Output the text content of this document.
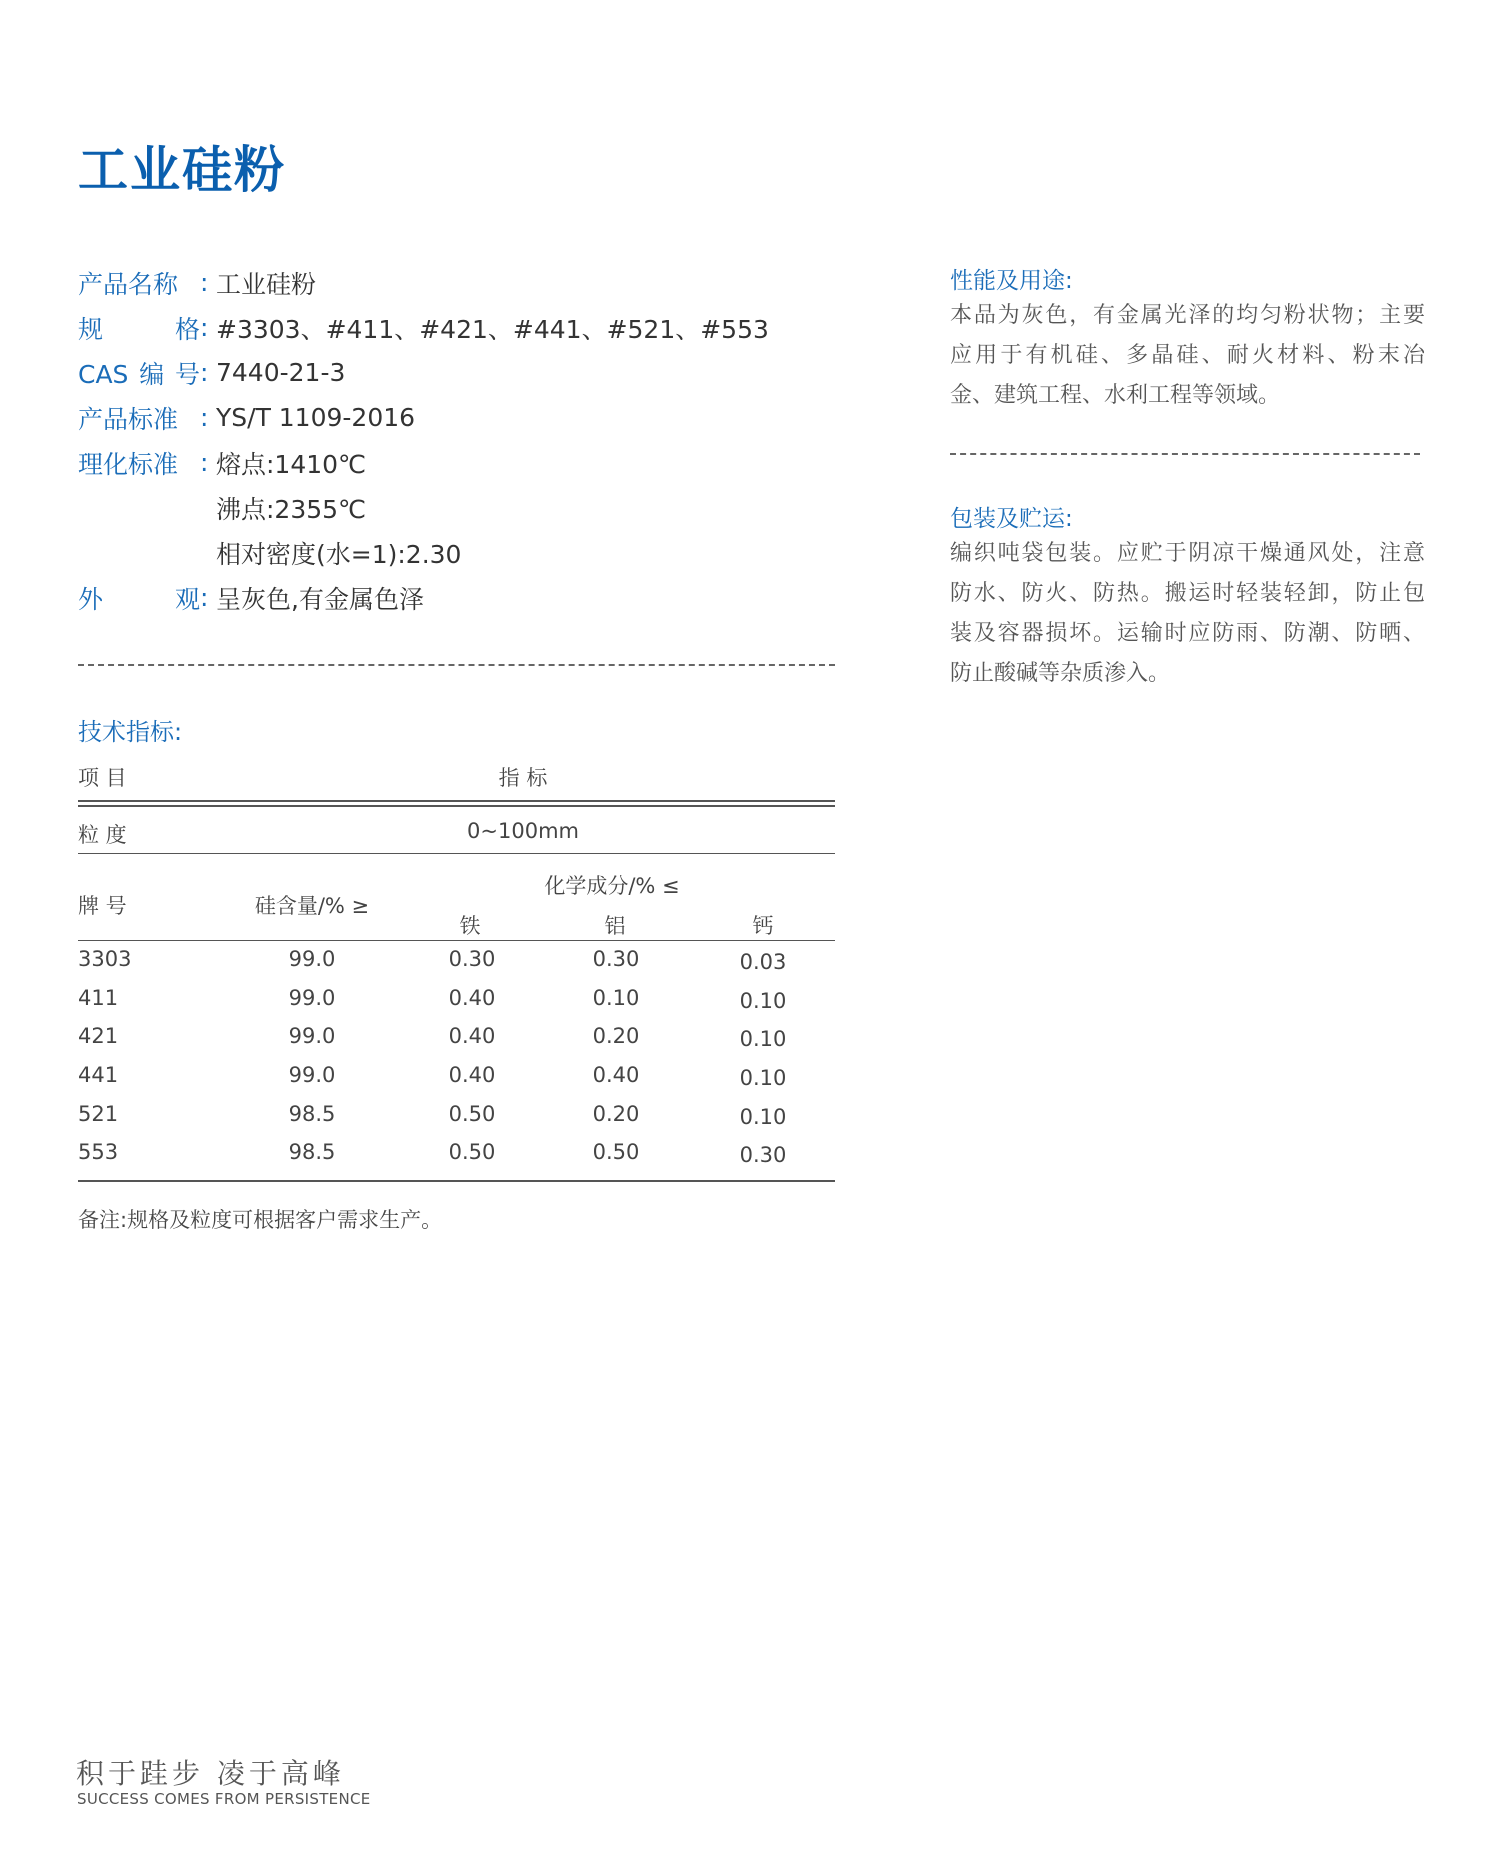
工业硅粉
产品名称 : 工业硅粉
规格 : #3303、#411、#421、#441、#521、#553
CAS编号 : 7440-21-3
产品标准 : YS/T 1109-2016
理化标准 : 熔点:1410℃
沸点:2355℃
相对密度(水=1):2.30
外观 : 呈灰色,有金属色泽
性能及用途:
本品为灰色，有金属光泽的均匀粉状物；主要
应用于有机硅、多晶硅、耐火材料、粉末冶
金、建筑工程、水利工程等领域。
包装及贮运:
编织吨袋包装。应贮于阴凉干燥通风处，注意
防水、防火、防热。搬运时轻装轻卸，防止包
装及容器损坏。运输时应防雨、防潮、防晒、
防止酸碱等杂质渗入。
技术指标:
项 目	指 标
粒 度	0~100mm
牌 号	硅含量/% ≥
化学成分/% ≤
铁	铝	钙
3303	99.0	0.30	0.30	0.03
411	99.0	0.40	0.10	0.10
421	99.0	0.40	0.20	0.10
441	99.0	0.40	0.40	0.10
521	98.5	0.50	0.20	0.10
553	98.5	0.50	0.50	0.30
备注:规格及粒度可根据客户需求生产。
积于跬步 凌于高峰
SUCCESS COMES FROM PERSISTENCE
